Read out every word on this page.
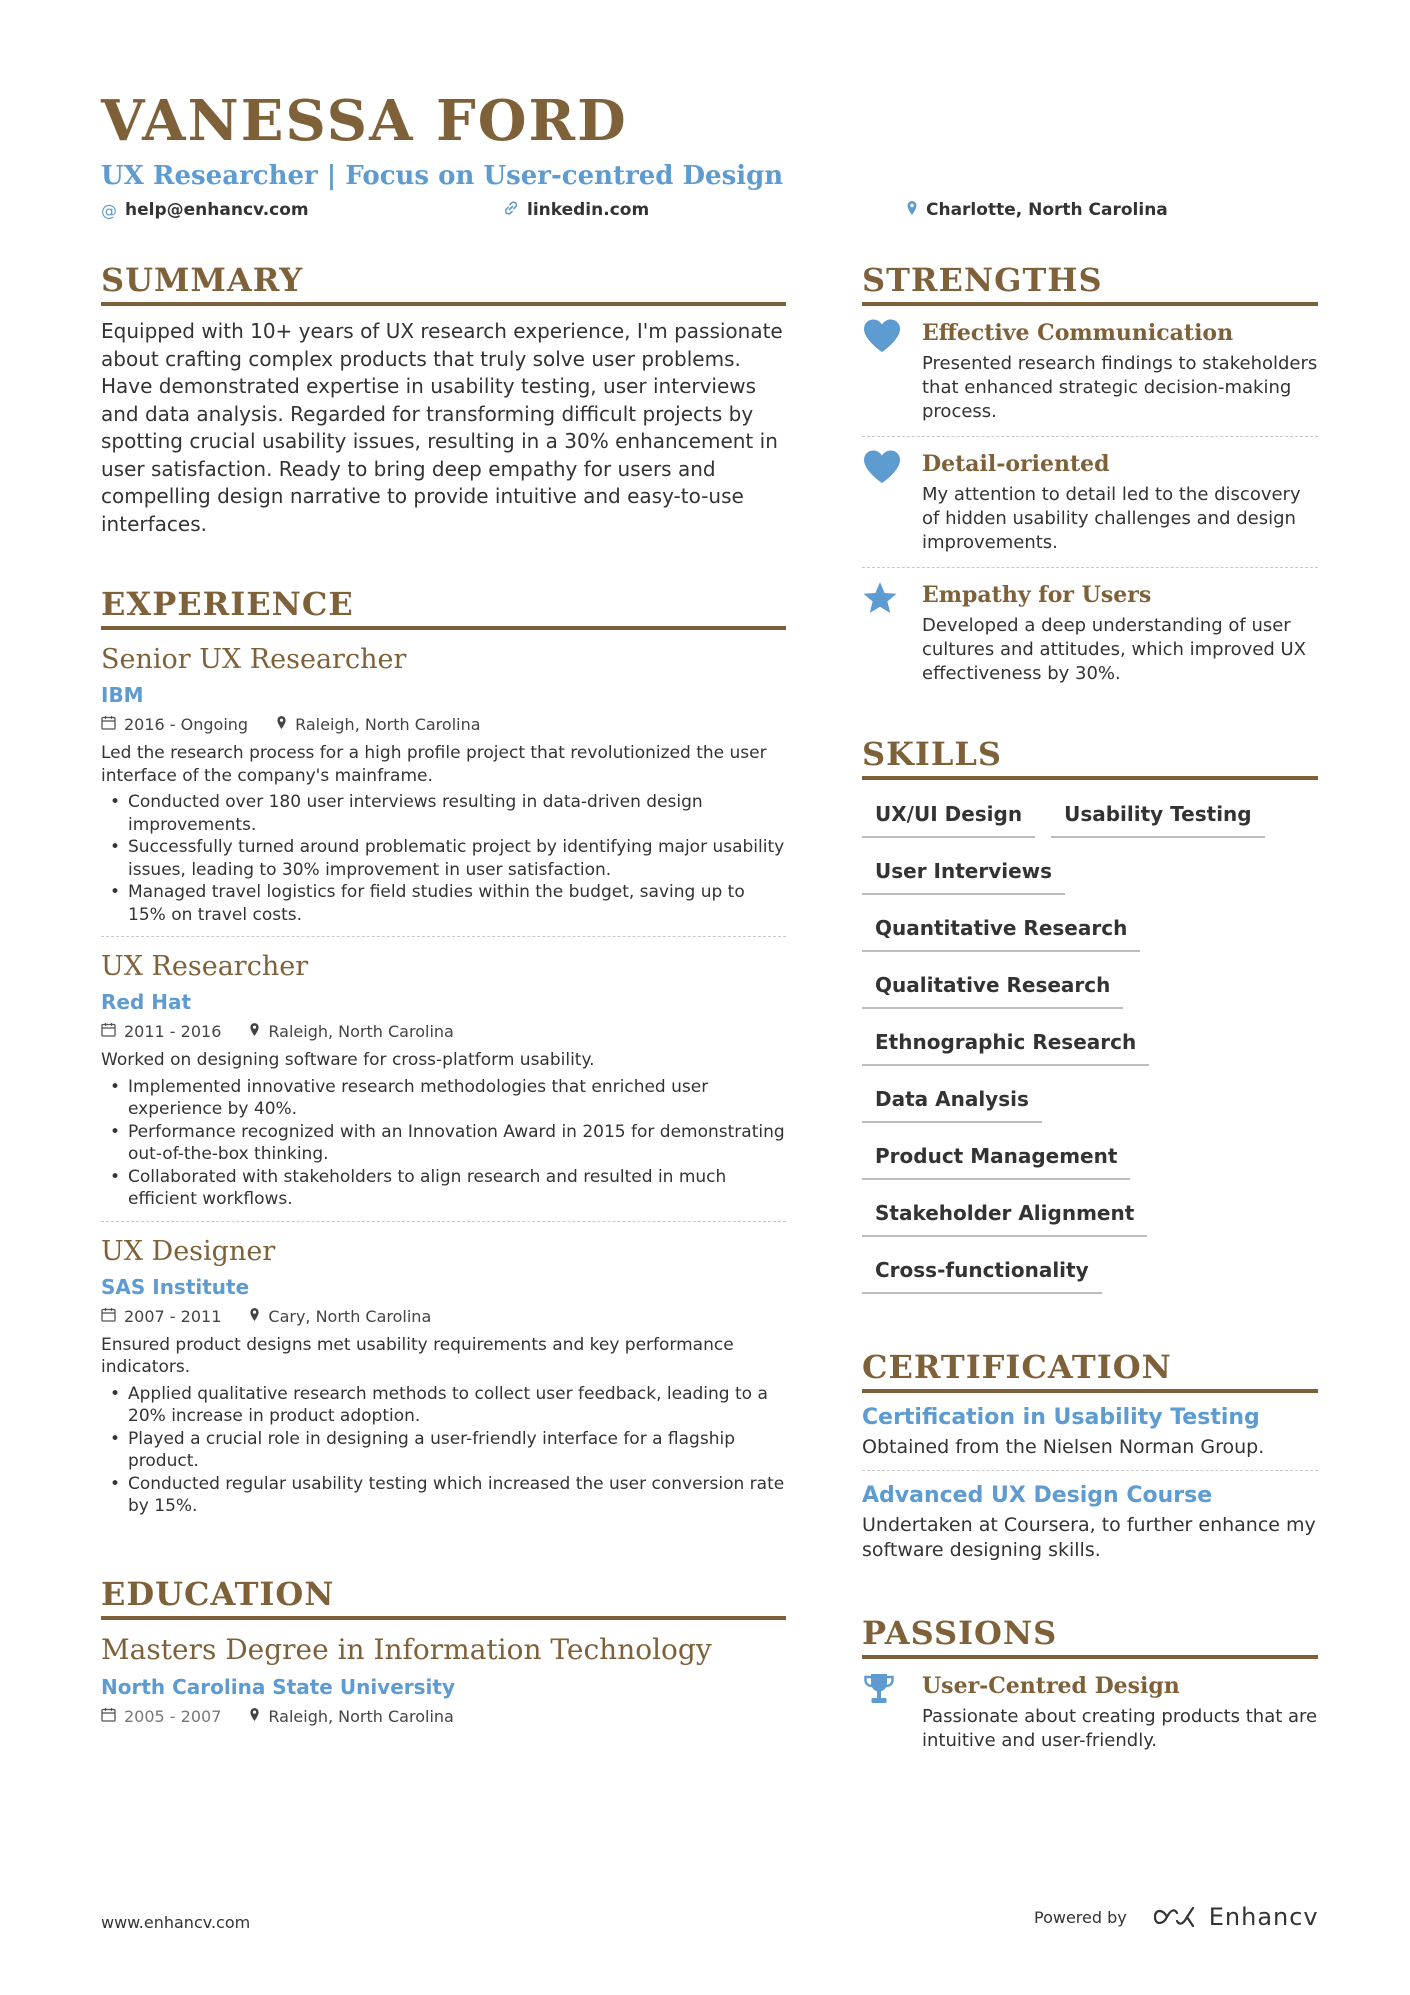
VANESSA FORD
UX Researcher | Focus on User-centred Design
@ help@enhancv.com	linkedin.com	Charlotte, North Carolina
SUMMARY
Equipped with 10+ years of UX research experience, I'm passionate about crafting complex products that truly solve user problems. Have demonstrated expertise in usability testing, user interviews and data analysis. Regarded for transforming difficult projects by spotting crucial usability issues, resulting in a 30% enhancement in user satisfaction. Ready to bring deep empathy for users and compelling design narrative to provide intuitive and easy-to-use interfaces.
EXPERIENCE
Senior UX Researcher
IBM
2016 - Ongoing	Raleigh, North Carolina
Led the research process for a high profile project that revolutionized the user interface of the company's mainframe.
• Conducted over 180 user interviews resulting in data-driven design improvements.
• Successfully turned around problematic project by identifying major usability issues, leading to 30% improvement in user satisfaction.
• Managed travel logistics for field studies within the budget, saving up to 15% on travel costs.
UX Researcher
Red Hat
2011 - 2016	Raleigh, North Carolina
Worked on designing software for cross-platform usability.
• Implemented innovative research methodologies that enriched user experience by 40%.
• Performance recognized with an Innovation Award in 2015 for demonstrating out-of-the-box thinking.
• Collaborated with stakeholders to align research and resulted in much efficient workflows.
UX Designer
SAS Institute
2007 - 2011	Cary, North Carolina
Ensured product designs met usability requirements and key performance indicators.
• Applied qualitative research methods to collect user feedback, leading to a 20% increase in product adoption.
• Played a crucial role in designing a user-friendly interface for a flagship product.
• Conducted regular usability testing which increased the user conversion rate by 15%.
EDUCATION
Masters Degree in Information Technology
North Carolina State University
2005 - 2007	Raleigh, North Carolina
STRENGTHS
Effective Communication
Presented research findings to stakeholders that enhanced strategic decision-making process.
Detail-oriented
My attention to detail led to the discovery of hidden usability challenges and design improvements.
Empathy for Users
Developed a deep understanding of user cultures and attitudes, which improved UX effectiveness by 30%.
SKILLS
UX/UI Design	Usability Testing
User Interviews
Quantitative Research
Qualitative Research
Ethnographic Research
Data Analysis
Product Management
Stakeholder Alignment
Cross-functionality
CERTIFICATION
Certification in Usability Testing
Obtained from the Nielsen Norman Group.
Advanced UX Design Course
Undertaken at Coursera, to further enhance my software designing skills.
PASSIONS
User-Centred Design
Passionate about creating products that are intuitive and user-friendly.
www.enhancv.com	Powered by	Enhancv
